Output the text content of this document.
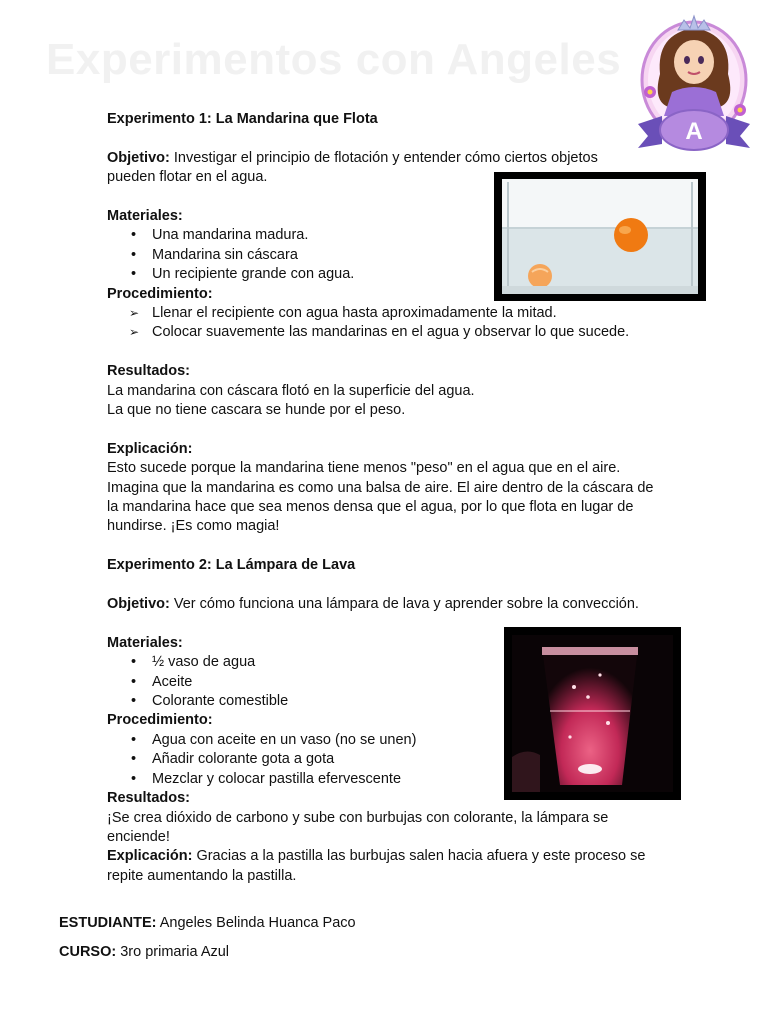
Experimentos con Angeles
A
Experimento 1: La Mandarina que Flota

Objetivo: Investigar el principio de flotación y entender cómo ciertos objetos pueden flotar en el agua.

Materiales:
• Una mandarina madura.
• Mandarina sin cáscara
• Un recipiente grande con agua.
Procedimiento:
➢ Llenar el recipiente con agua hasta aproximadamente la mitad.
➢ Colocar suavemente las mandarinas en el agua y observar lo que sucede.
Resultados:

La mandarina con cáscara flotó en la superficie del agua.

La que no tiene cascara se hunde por el peso.

Explicación:

Esto sucede porque la mandarina tiene menos "peso" en el agua que en el aire. Imagina que la mandarina es como una balsa de aire. El aire dentro de la cáscara de la mandarina hace que sea menos densa que el agua, por lo que flota en lugar de hundirse. ¡Es como magia!

Experimento 2: La Lámpara de Lava

Objetivo: Ver cómo funciona una lámpara de lava y aprender sobre la convección.

Materiales:
• ½ vaso de agua
• Aceite
• Colorante comestible
Procedimiento:
• Agua con aceite en un vaso (no se unen)
• Añadir colorante gota a gota
• Mezclar y colocar pastilla efervescente
Resultados:

¡Se crea dióxido de carbono y sube con burbujas con colorante, la lámpara se enciende!

Explicación: Gracias a la pastilla las burbujas salen hacia afuera y este proceso se repite aumentando la pastilla.

ESTUDIANTE: Angeles Belinda Huanca Paco
CURSO: 3ro primaria Azul
